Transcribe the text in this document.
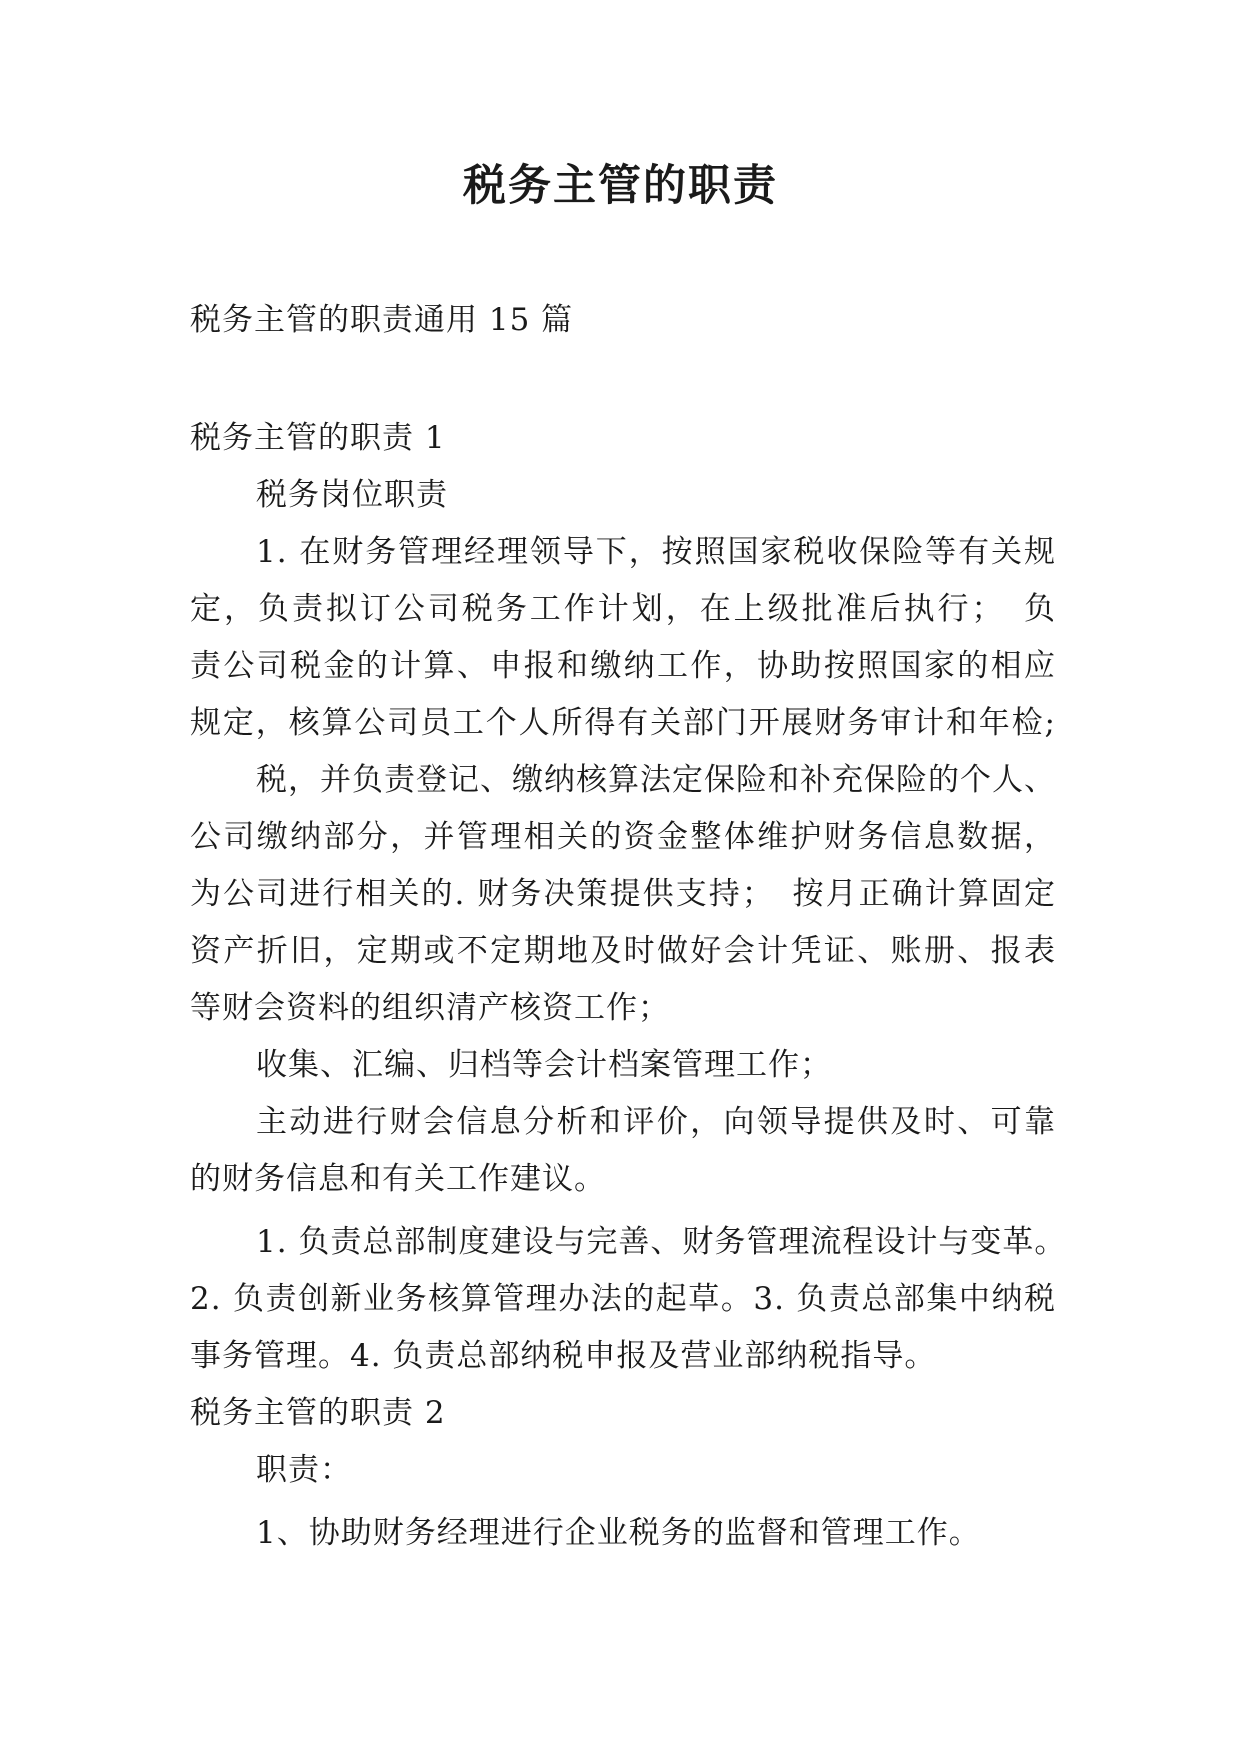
税务主管的职责
税务主管的职责通用 15 篇
税务主管的职责 1
税务岗位职责
1. 在财务管理经理领导下，按照国家税收保险等有关规
定，负责拟订公司税务工作计划，在上级批准后执行；　负
责公司税金的计算、申报和缴纳工作，协助按照国家的相应
规定，核算公司员工个人所得有关部门开展财务审计和年检;
税，并负责登记、缴纳核算法定保险和补充保险的个人、
公司缴纳部分，并管理相关的资金整体维护财务信息数据，
为公司进行相关的. 财务决策提供支持；　按月正确计算固定
资产折旧，定期或不定期地及时做好会计凭证、账册、报表
等财会资料的组织清产核资工作；
收集、汇编、归档等会计档案管理工作；
主动进行财会信息分析和评价，向领导提供及时、可靠
的财务信息和有关工作建议。
1. 负责总部制度建设与完善、财务管理流程设计与变革。
2. 负责创新业务核算管理办法的起草。3. 负责总部集中纳税
事务管理。4. 负责总部纳税申报及营业部纳税指导。
税务主管的职责 2
职责：
1、协助财务经理进行企业税务的监督和管理工作。
